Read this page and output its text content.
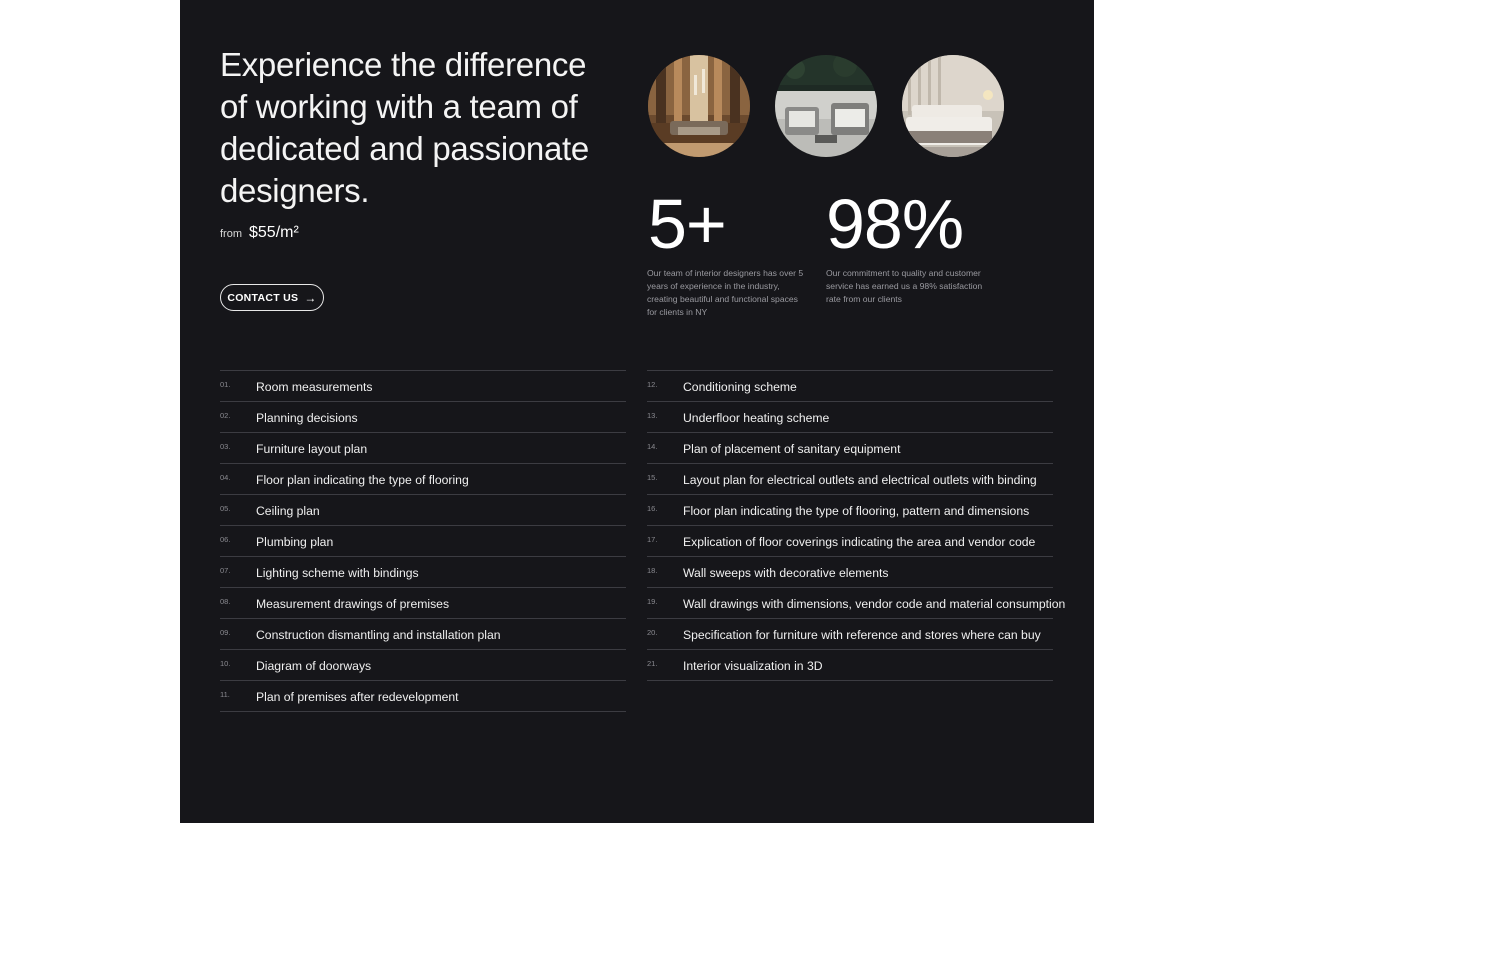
Experience the difference of working with a team of dedicated and passionate designers.
from $55/m²
CONTACT US →
5+

Our team of interior designers has over 5 years of experience in the industry, creating beautiful and functional spaces for clients in NY

98%

Our commitment to quality and customer service has earned us a 98% satisfaction rate from our clients

01. Room measurements
02. Planning decisions
03. Furniture layout plan
04. Floor plan indicating the type of flooring
05. Ceiling plan
06. Plumbing plan
07. Lighting scheme with bindings
08. Measurement drawings of premises
09. Construction dismantling and installation plan
10. Diagram of doorways
11. Plan of premises after redevelopment
12. Conditioning scheme
13. Underfloor heating scheme
14. Plan of placement of sanitary equipment
15. Layout plan for electrical outlets and electrical outlets with binding
16. Floor plan indicating the type of flooring, pattern and dimensions
17. Explication of floor coverings indicating the area and vendor code
18. Wall sweeps with decorative elements
19. Wall drawings with dimensions, vendor code and material consumption
20. Specification for furniture with reference and stores where can buy
21. Interior visualization in 3D
